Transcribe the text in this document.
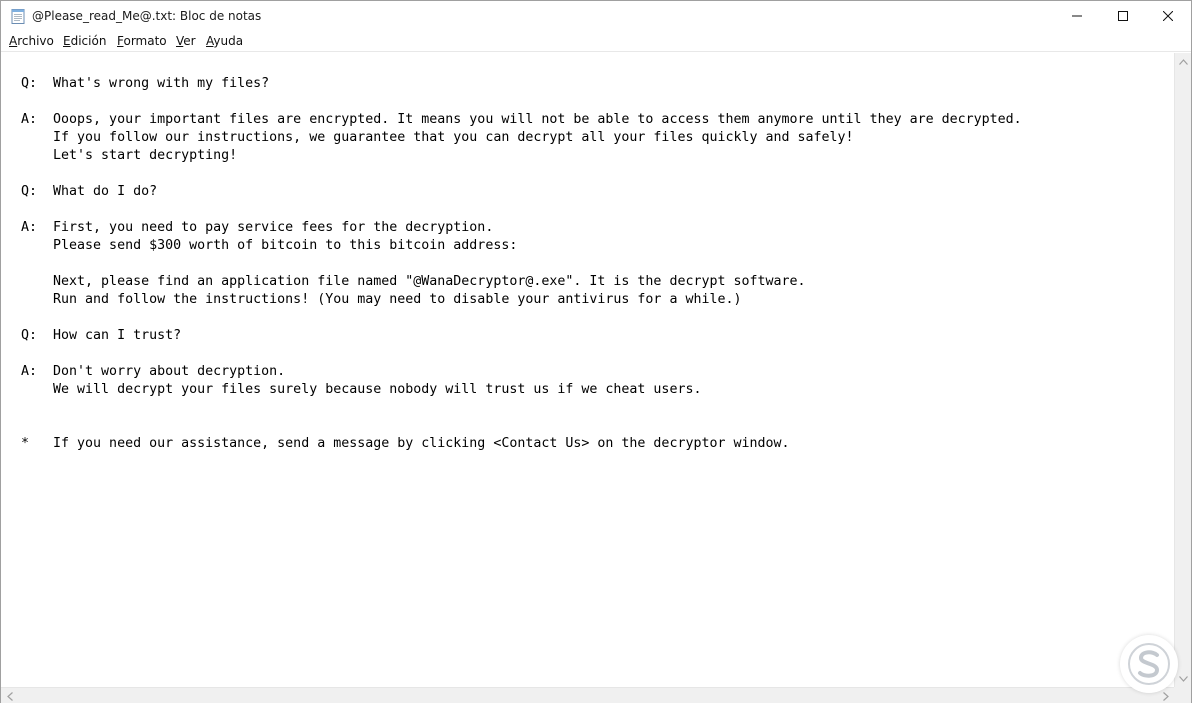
@Please_read_Me@.txt: Bloc de notas
Archivo Edición Formato Ver Ayuda
Q:  What's wrong with my files?
A:  Ooops, your important files are encrypted. It means you will not be able to access them anymore until they are decrypted.
If you follow our instructions, we guarantee that you can decrypt all your files quickly and safely!
Let's start decrypting!
Q:  What do I do?
A:  First, you need to pay service fees for the decryption.
Please send $300 worth of bitcoin to this bitcoin address:
Next, please find an application file named "@WanaDecryptor@.exe". It is the decrypt software.
Run and follow the instructions! (You may need to disable your antivirus for a while.)
Q:  How can I trust?
A:  Don't worry about decryption.
We will decrypt your files surely because nobody will trust us if we cheat users.
*   If you need our assistance, send a message by clicking <Contact Us> on the decryptor window.
